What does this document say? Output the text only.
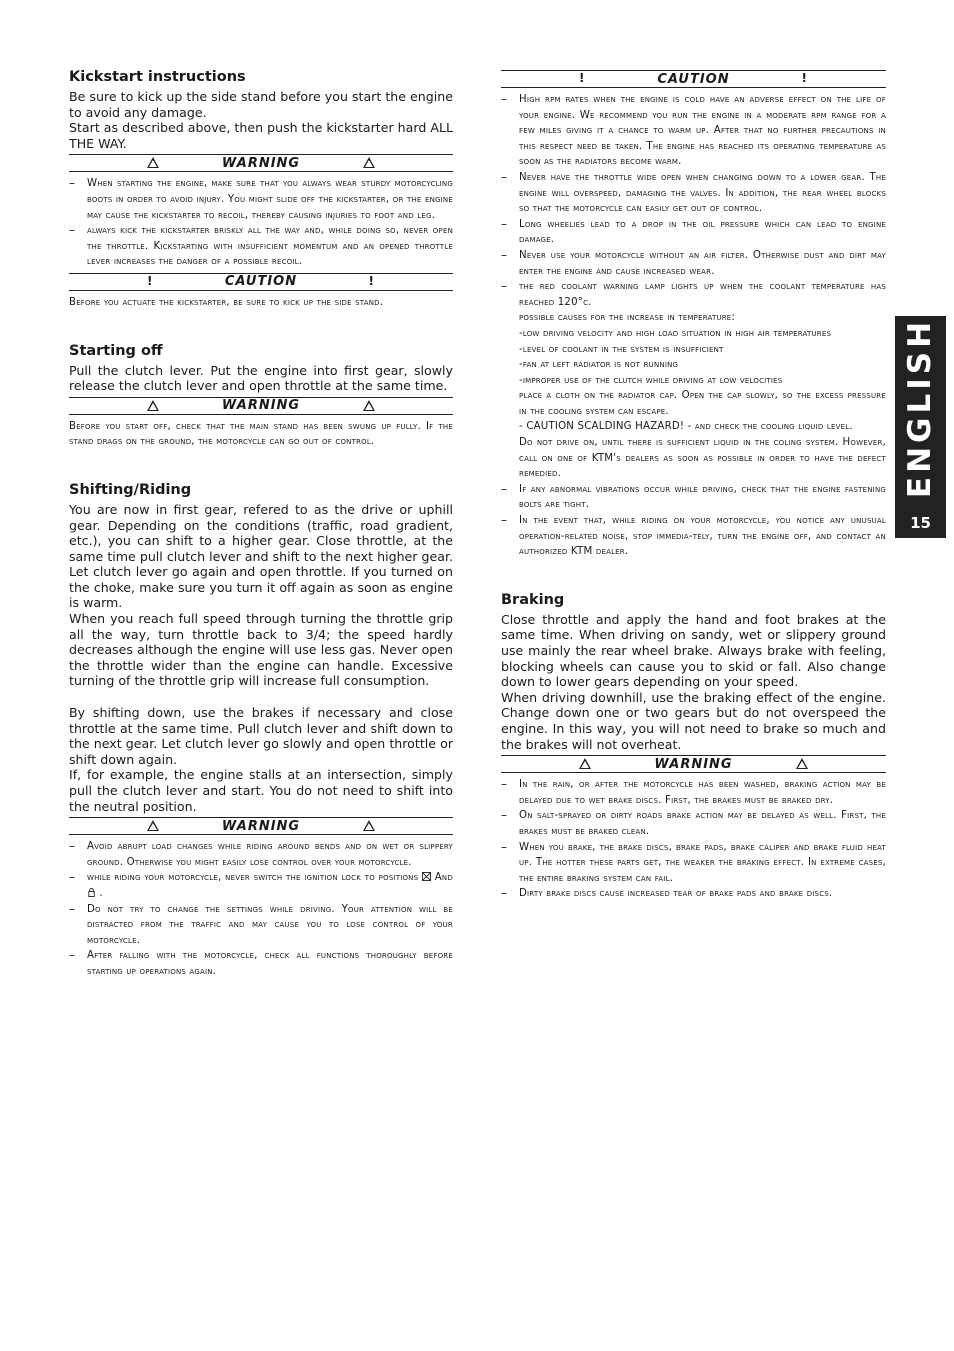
Kickstart instructions

Be sure to kick up the side stand before you start the engine to avoid any damage.

Start as described above, then push the kickstarter hard ALL THE WAY.

WARNING
– When starting the engine, make sure that you always wear sturdy motorcycling boots in order to avoid injury. You might slide off the kickstarter, or the engine may cause the kickstarter to recoil, thereby causing injuries to foot and leg.
– always kick the kickstarter briskly all the way and, while doing so, never open the throttle. Kickstarting with insufficient momentum and an opened throttle lever increases the danger of a possible recoil.
!	CAUTION	!

Before you actuate the kickstarter, be sure to kick up the side stand.

Starting off

Pull the clutch lever. Put the engine into first gear, slowly release the clutch lever and open throttle at the same time.

WARNING

Before you start off, check that the main stand has been swung up fully. If the stand drags on the ground, the motorcycle can go out of control.

Shifting/Riding

You are now in first gear, refered to as the drive or uphill gear. Depending on the conditions (traffic, road gradient, etc.), you can shift to a higher gear. Close throttle, at the same time pull clutch lever and shift to the next higher gear. Let clutch lever go again and open throttle. If you turned on the choke, make sure you turn it off again as soon as engine is warm.

When you reach full speed through turning the throttle grip all the way, turn throttle back to 3/4; the speed hardly decreases although the engine will use less gas. Never open the throttle wider than the engine can handle. Excessive turning of the throttle grip will increase full consumption.

By shifting down, use the brakes if necessary and close throttle at the same time. Pull clutch lever and shift down to the next gear. Let clutch lever go slowly and open throttle or shift down again.

If, for example, the engine stalls at an intersection, simply pull the clutch lever and start. You do not need to shift into the neutral position.

WARNING
– Avoid abrupt load changes while riding around bends and on wet or slippery ground. Otherwise you might easily lose control over your motorcycle.
– while riding your motorcycle, never switch the ignition lock to positions And  .
– Do not try to change the settings while driving. Your attention will be distracted from the traffic and may cause you to lose control of your motorcycle.
– After falling with the motorcycle, check all functions thoroughly before starting up operations again.
!	CAUTION	!
– High rpm rates when the engine is cold have an adverse effect on the life of your engine. We recommend you run the engine in a moderate rpm range for a few miles giving it a chance to warm up. After that no further precautions in this respect need be taken. The engine has reached its operating temperature as soon as the radiators become warm.
– Never have the throttle wide open when changing down to a lower gear. The engine will overspeed, damaging the valves. In addition, the rear wheel blocks so that the motorcycle can easily get out of control.
– Long wheelies lead to a drop in the oil pressure which can lead to engine damage.
– Never use your motorcycle without an air filter. Otherwise dust and dirt may enter the engine and cause increased wear.
– the red coolant warning lamp lights up when the coolant temperature has reached 120°c.
possible causes for the increase in temperature:
-low driving velocity and high load situation in high air temperatures
-level of coolant in the system is insufficient
-fan at left radiator is not running
-improper use of the clutch while driving at low velocities
place a cloth on the radiator cap. Open the cap slowly, so the excess pressure in the cooling system can escape.
- CAUTION SCALDING HAZARD! - and check the cooling liquid level.
Do not drive on, until there is sufficient liquid in the coling system. However, call on one of KTM's dealers as soon as possible in order to have the defect remedied.
– If any abnormal vibrations occur while driving, check that the engine fastening bolts are tight.
– In the event that, while riding on your motorcycle, you notice any unusual operation-related noise, stop immedia-tely, turn the engine off, and contact an authorized KTM dealer.
Braking

Close throttle and apply the hand and foot brakes at the same time. When driving on sandy, wet or slippery ground use mainly the rear wheel brake. Always brake with feeling, blocking wheels can cause you to skid or fall. Also change down to lower gears depending on your speed.

When driving downhill, use the braking effect of the engine. Change down one or two gears but do not overspeed the engine. In this way, you will not need to brake so much and the brakes will not overheat.

WARNING
– In the rain, or after the motorcycle has been washed, braking action may be delayed due to wet brake discs. First, the brakes must be braked dry.
– On salt-sprayed or dirty roads brake action may be delayed as well. First, the brakes must be braked clean.
– When you brake, the brake discs, brake pads, brake caliper and brake fluid heat up. The hotter these parts get, the weaker the braking effect. In extreme cases, the entire braking system can fail.
– Dirty brake discs cause increased tear of brake pads and brake discs.
ENGLISH
15
